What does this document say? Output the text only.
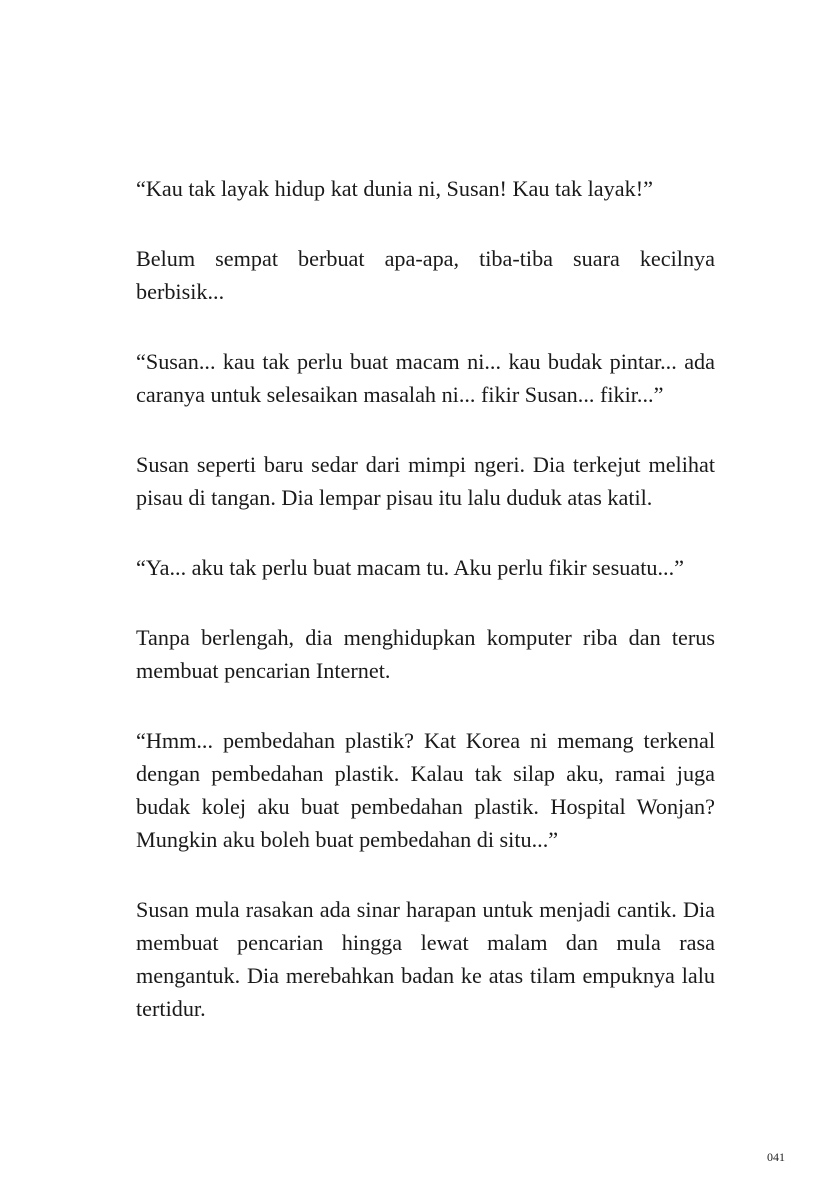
“Kau tak layak hidup kat dunia ni, Susan! Kau tak layak!”

Belum sempat berbuat apa-apa, tiba-tiba suara kecilnya berbisik...

“Susan... kau tak perlu buat macam ni... kau budak pintar... ada caranya untuk selesaikan masalah ni... fikir Susan... fikir...”

Susan seperti baru sedar dari mimpi ngeri. Dia terkejut melihat pisau di tangan. Dia lempar pisau itu lalu duduk atas katil.

“Ya... aku tak perlu buat macam tu. Aku perlu fikir sesuatu...”

Tanpa berlengah, dia menghidupkan komputer riba dan terus membuat pencarian Internet.

“Hmm... pembedahan plastik? Kat Korea ni memang terkenal dengan pembedahan plastik. Kalau tak silap aku, ramai juga budak kolej aku buat pembedahan plastik. Hospital Wonjan? Mungkin aku boleh buat pembedahan di situ...”

Susan mula rasakan ada sinar harapan untuk menjadi cantik. Dia membuat pencarian hingga lewat malam dan mula rasa mengantuk. Dia merebahkan badan ke atas tilam empuknya lalu tertidur.

041
